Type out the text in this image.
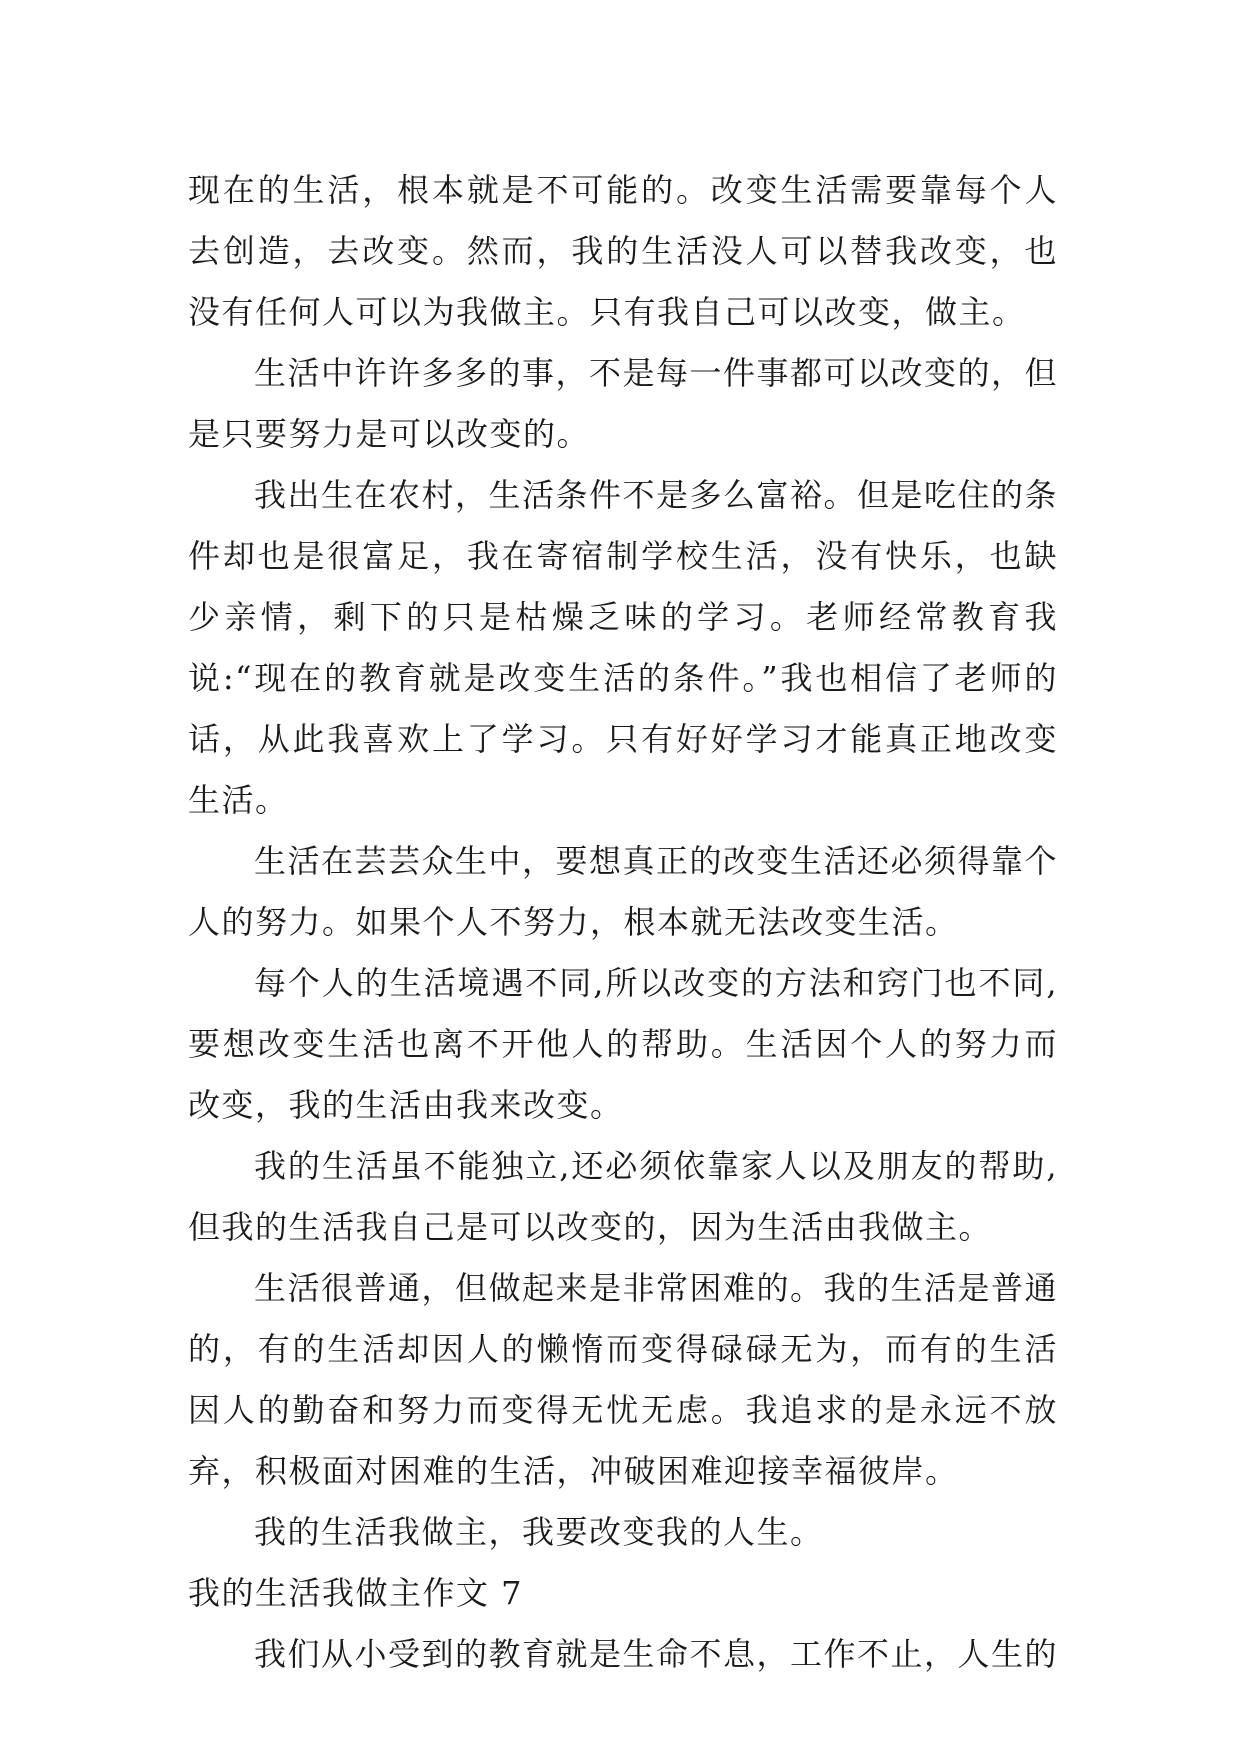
现在的生活，根本就是不可能的。改变生活需要靠每个人去创造，去改变。然而，我的生活没人可以替我改变，也没有任何人可以为我做主。只有我自己可以改变，做主。

生活中许许多多的事，不是每一件事都可以改变的，但是只要努力是可以改变的。

我出生在农村，生活条件不是多么富裕。但是吃住的条件却也是很富足，我在寄宿制学校生活，没有快乐，也缺少亲情，剩下的只是枯燥乏味的学习。老师经常教育我说:“现在的教育就是改变生活的条件。”我也相信了老师的话，从此我喜欢上了学习。只有好好学习才能真正地改变生活。

生活在芸芸众生中，要想真正的改变生活还必须得靠个人的努力。如果个人不努力，根本就无法改变生活。

每个人的生活境遇不同,所以改变的方法和窍门也不同,要想改变生活也离不开他人的帮助。生活因个人的努力而改变，我的生活由我来改变。

我的生活虽不能独立,还必须依靠家人以及朋友的帮助,但我的生活我自己是可以改变的，因为生活由我做主。

生活很普通，但做起来是非常困难的。我的生活是普通的，有的生活却因人的懒惰而变得碌碌无为，而有的生活因人的勤奋和努力而变得无忧无虑。我追求的是永远不放弃，积极面对困难的生活，冲破困难迎接幸福彼岸。

我的生活我做主，我要改变我的人生。

我的生活我做主作文 7

我们从小受到的教育就是生命不息，工作不止，人生的
